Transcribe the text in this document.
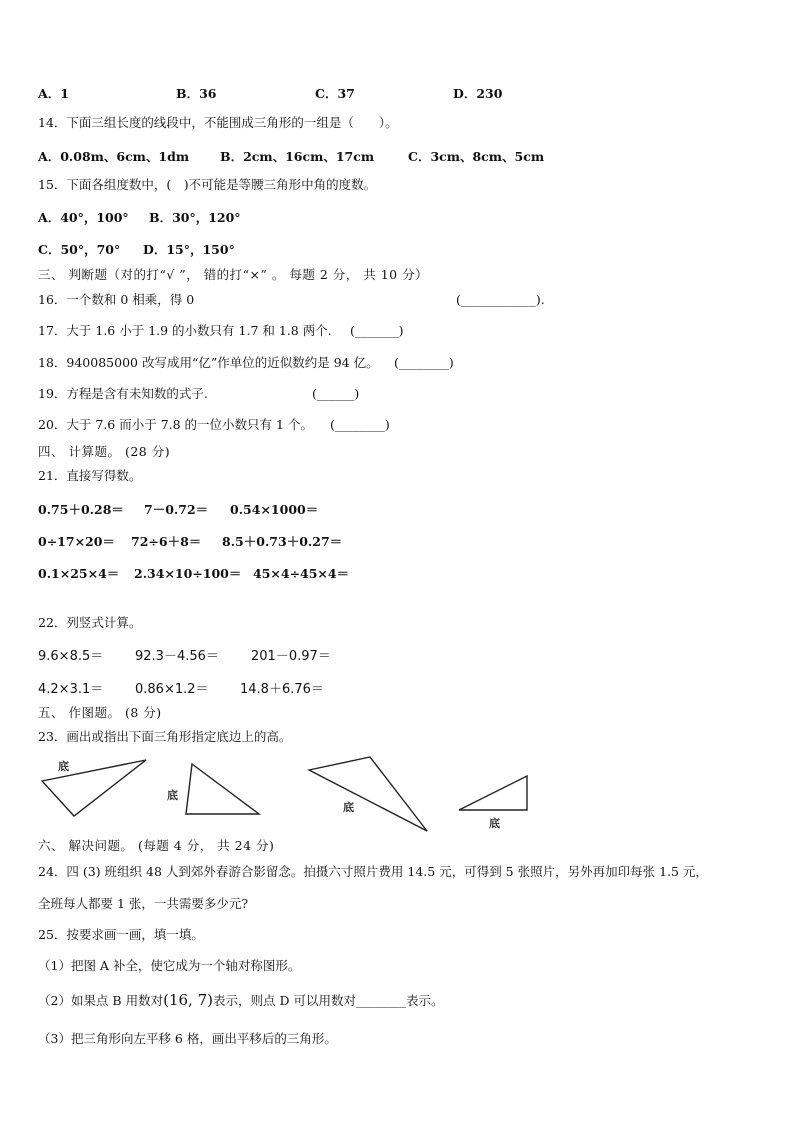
A．1	B．36	C．37	D．230
14．下面三组长度的线段中，不能围成三角形的一组是（　　）。
A．0.08m、6cm、1dm B．2cm、16cm、17cm	C．3cm、8cm、5cm
15．下面各组度数中，(　)不可能是等腰三角形中角的度数。
A．40°，100° B．30°，120°
C．50°，70° D．15°，150°
三、 判断题（对的打“√ ”， 错的打“×” 。 每题 2 分， 共 10 分）
16．一个数和 0 相乘，得 0	(____________).
17．大于 1.6 小于 1.9 的小数只有 1.7 和 1.8 两个. (_______)
18．940085000 改写成用“亿”作单位的近似数约是 94 亿。 (________)
19．方程是含有未知数的式子.	(______)
20．大于 7.6 而小于 7.8 的一位小数只有 1 个。 (________)
四、 计算题。 (28 分)
21．直接写得数。
0.75＋0.28＝ 7－0.72＝ 0.54×1000＝
0÷17×20＝ 72÷6＋8＝ 8.5＋0.73＋0.27＝
0.1×25×4＝ 2.34×10÷100＝ 45×4÷45×4＝
22．列竖式计算。
9.6×8.5＝ 92.3－4.56＝ 201－0.97＝
4.2×3.1＝ 0.86×1.2＝ 14.8＋6.76＝
五、 作图题。 (8 分)
23．画出或指出下面三角形指定底边上的高。
底
底
底
底
六、 解决问题。 (每题 4 分， 共 24 分)
24．四 (3) 班组织 48 人到郊外春游合影留念。拍摄六寸照片费用 14.5 元，可得到 5 张照片，另外再加印每张 1.5 元，
全班每人都要 1 张，一共需要多少元?
25．按要求画一画，填一填。
（1）把图 A 补全，使它成为一个轴对称图形。
（2）如果点 B 用数对(16, 7)表示，则点 D 可以用数对________表示。
（3）把三角形向左平移 6 格，画出平移后的三角形。
